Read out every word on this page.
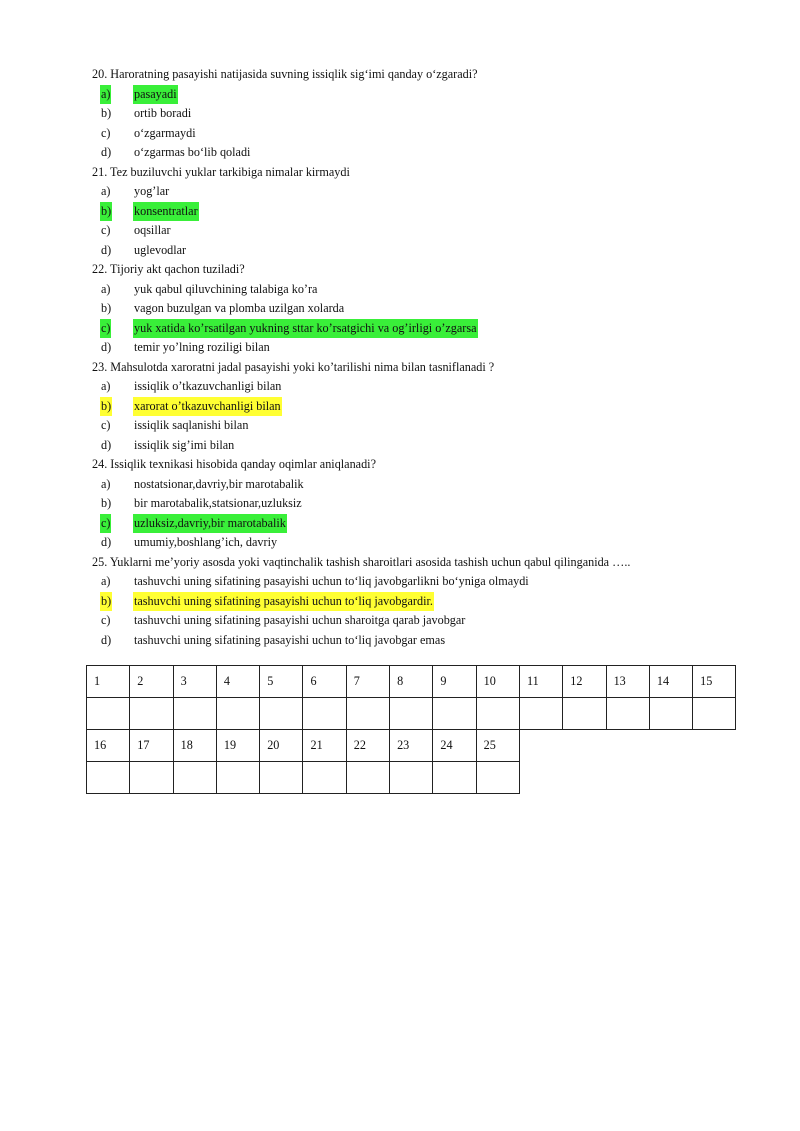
20. Haroratning pasayishi natijasida suvning issiqlik sig‘imi qanday o‘zgaradi?
a) pasayadi
b) ortib boradi
c) o‘zgarmaydi
d) o‘zgarmas bo‘lib qoladi
21. Tez buziluvchi yuklar tarkibiga nimalar kirmaydi
a) yog’lar
b) konsentratlar
c) oqsillar
d) uglevodlar
22. Tijoriy akt qachon tuziladi?
a) yuk qabul qiluvchining talabiga ko’ra
b) vagon buzulgan va plomba uzilgan xolarda
c) yuk xatida ko’rsatilgan yukning sttar ko’rsatgichi va og’irligi o’zgarsa
d) temir yo’lning roziligi bilan
23. Mahsulotda xaroratni jadal pasayishi yoki ko’tarilishi nima bilan tasniflanadi ?
a) issiqlik o’tkazuvchanligi bilan
b) xarorat o’tkazuvchanligi bilan
c) issiqlik saqlanishi bilan
d) issiqlik sig’imi bilan
24. Issiqlik texnikasi hisobida qanday oqimlar aniqlanadi?
a) nostatsionar,davriy,bir marotabalik
b) bir marotabalik,statsionar,uzluksiz
c) uzluksiz,davriy,bir marotabalik
d) umumiy,boshlang’ich, davriy
25. Yuklarni me’yoriy asosda yoki vaqtinchalik tashish sharoitlari asosida tashish uchun qabul qilinganida …..
a) tashuvchi uning sifatining pasayishi uchun to‘liq javobgarlikni bo‘yniga olmaydi
b) tashuvchi uning sifatining pasayishi uchun to‘liq javobgardir.
c) tashuvchi uning sifatining pasayishi uchun sharoitga qarab javobgar
d) tashuvchi uning sifatining pasayishi uchun to‘liq javobgar emas
1	2	3	4	5	6	7	8	9	10	11	12	13	14	15

16	17	18	19	20	21	22	23	24	25					
